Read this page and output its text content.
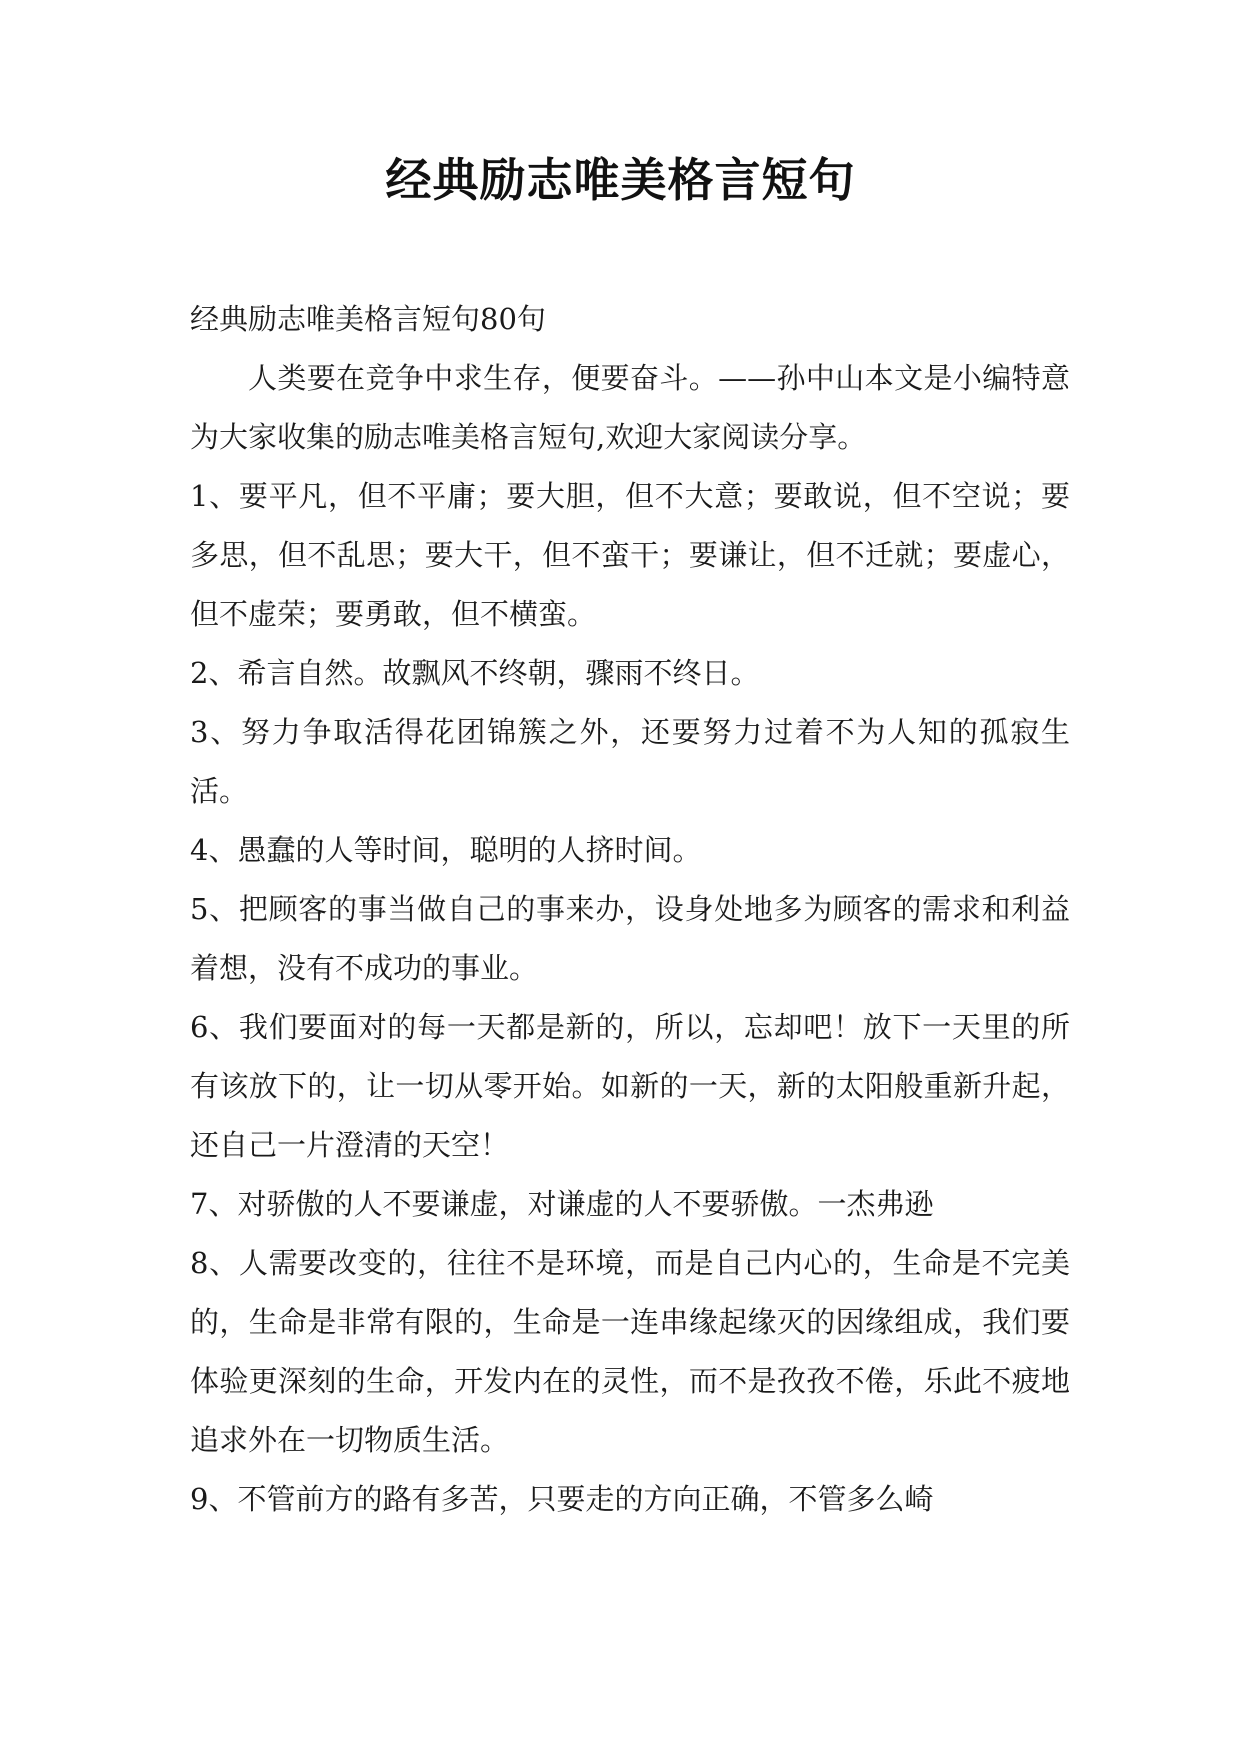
经典励志唯美格言短句

经典励志唯美格言短句80句

人类要在竞争中求生存，便要奋斗。——孙中山本文是小编特意为大家收集的励志唯美格言短句,欢迎大家阅读分享。

1、要平凡，但不平庸；要大胆，但不大意；要敢说，但不空说；要多思，但不乱思；要大干，但不蛮干；要谦让，但不迁就；要虚心，但不虚荣；要勇敢，但不横蛮。

2、希言自然。故飘风不终朝，骤雨不终日。

3、努力争取活得花团锦簇之外，还要努力过着不为人知的孤寂生活。

4、愚蠢的人等时间，聪明的人挤时间。

5、把顾客的事当做自己的事来办，设身处地多为顾客的需求和利益着想，没有不成功的事业。

6、我们要面对的每一天都是新的，所以，忘却吧！放下一天里的所有该放下的，让一切从零开始。如新的一天，新的太阳般重新升起，还自己一片澄清的天空！

7、对骄傲的人不要谦虚，对谦虚的人不要骄傲。一杰弗逊

8、人需要改变的，往往不是环境，而是自己内心的，生命是不完美的，生命是非常有限的，生命是一连串缘起缘灭的因缘组成，我们要体验更深刻的生命，开发内在的灵性，而不是孜孜不倦，乐此不疲地追求外在一切物质生活。

9、不管前方的路有多苦，只要走的方向正确，不管多么崎
